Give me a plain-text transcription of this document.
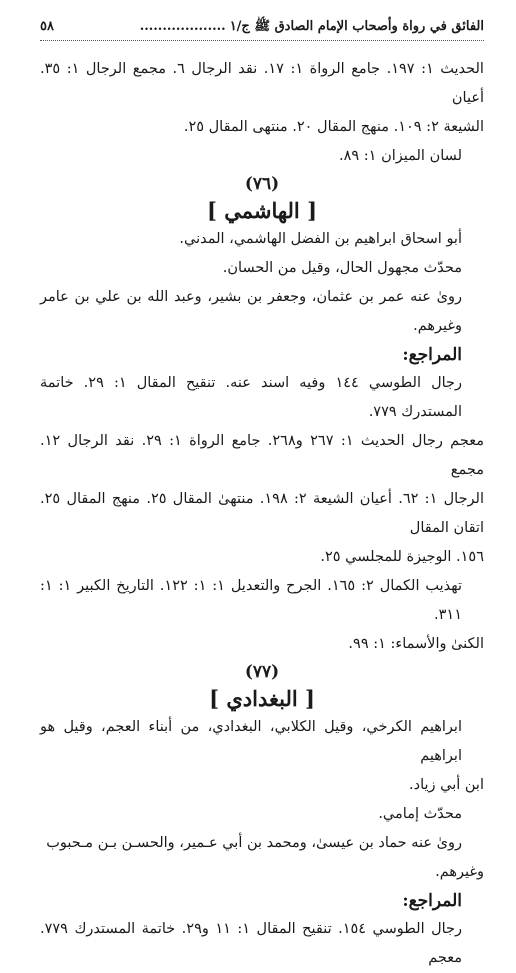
الفائق في رواة وأصحاب الإمام الصادق ﷺ ج/١
...................
٥٨

الحديث ١: ١٩٧. جامع الرواة ١: ١٧. نقد الرجال ٦. مجمع الرجال ١: ٣٥. أعيان

الشيعة ٢: ١٠٩. منهج المقال ٢٠. منتهى المقال ٢٥.

لسان الميزان ١: ٨٩.

(٧٦)
[ الهاشمي ]

أبو اسحاق ابراهيم بن الفضل الهاشمي، المدني.

محدّث مجهول الحال، وقيل من الحسان.

روىٰ عنه عمر بن عثمان، وجعفر بن بشير، وعبد الله بن علي بن عامر وغيرهم.

المراجع:

رجال الطوسي ١٤٤ وفيه اسند عنه. تنقيح المقال ١: ٢٩. خاتمة المستدرك ٧٧٩.

معجم رجال الحديث ١: ٢٦٧ و٢٦٨. جامع الرواة ١: ٢٩. نقد الرجال ١٢. مجمع

الرجال ١: ٦٢. أعيان الشيعة ٢: ١٩٨. منتهىٰ المقال ٢٥. منهج المقال ٢٥. اتقان المقال

١٥٦. الوجيزة للمجلسي ٢٥.

تهذيب الكمال ٢: ١٦٥. الجرح والتعديل ١: ١: ١٢٢. التاريخ الكبير ١: ١: ٣١١.

الكنىٰ والأسماء: ١: ٩٩.

(٧٧)
[ البغدادي ]

ابراهيم الكرخي، وقيل الكلابي، البغدادي، من أبناء العجم، وقيل هو ابراهيم

ابن أبي زياد.

محدّث إمامي.

روىٰ عنه حماد بن عيسىٰ، ومحمد بن أبي عـمير، والحسـن بـن مـحبوب

وغيرهم.

المراجع:

رجال الطوسي ١٥٤. تنقيح المقال ١: ١١ و٢٩. خاتمة المستدرك ٧٧٩. معجم
